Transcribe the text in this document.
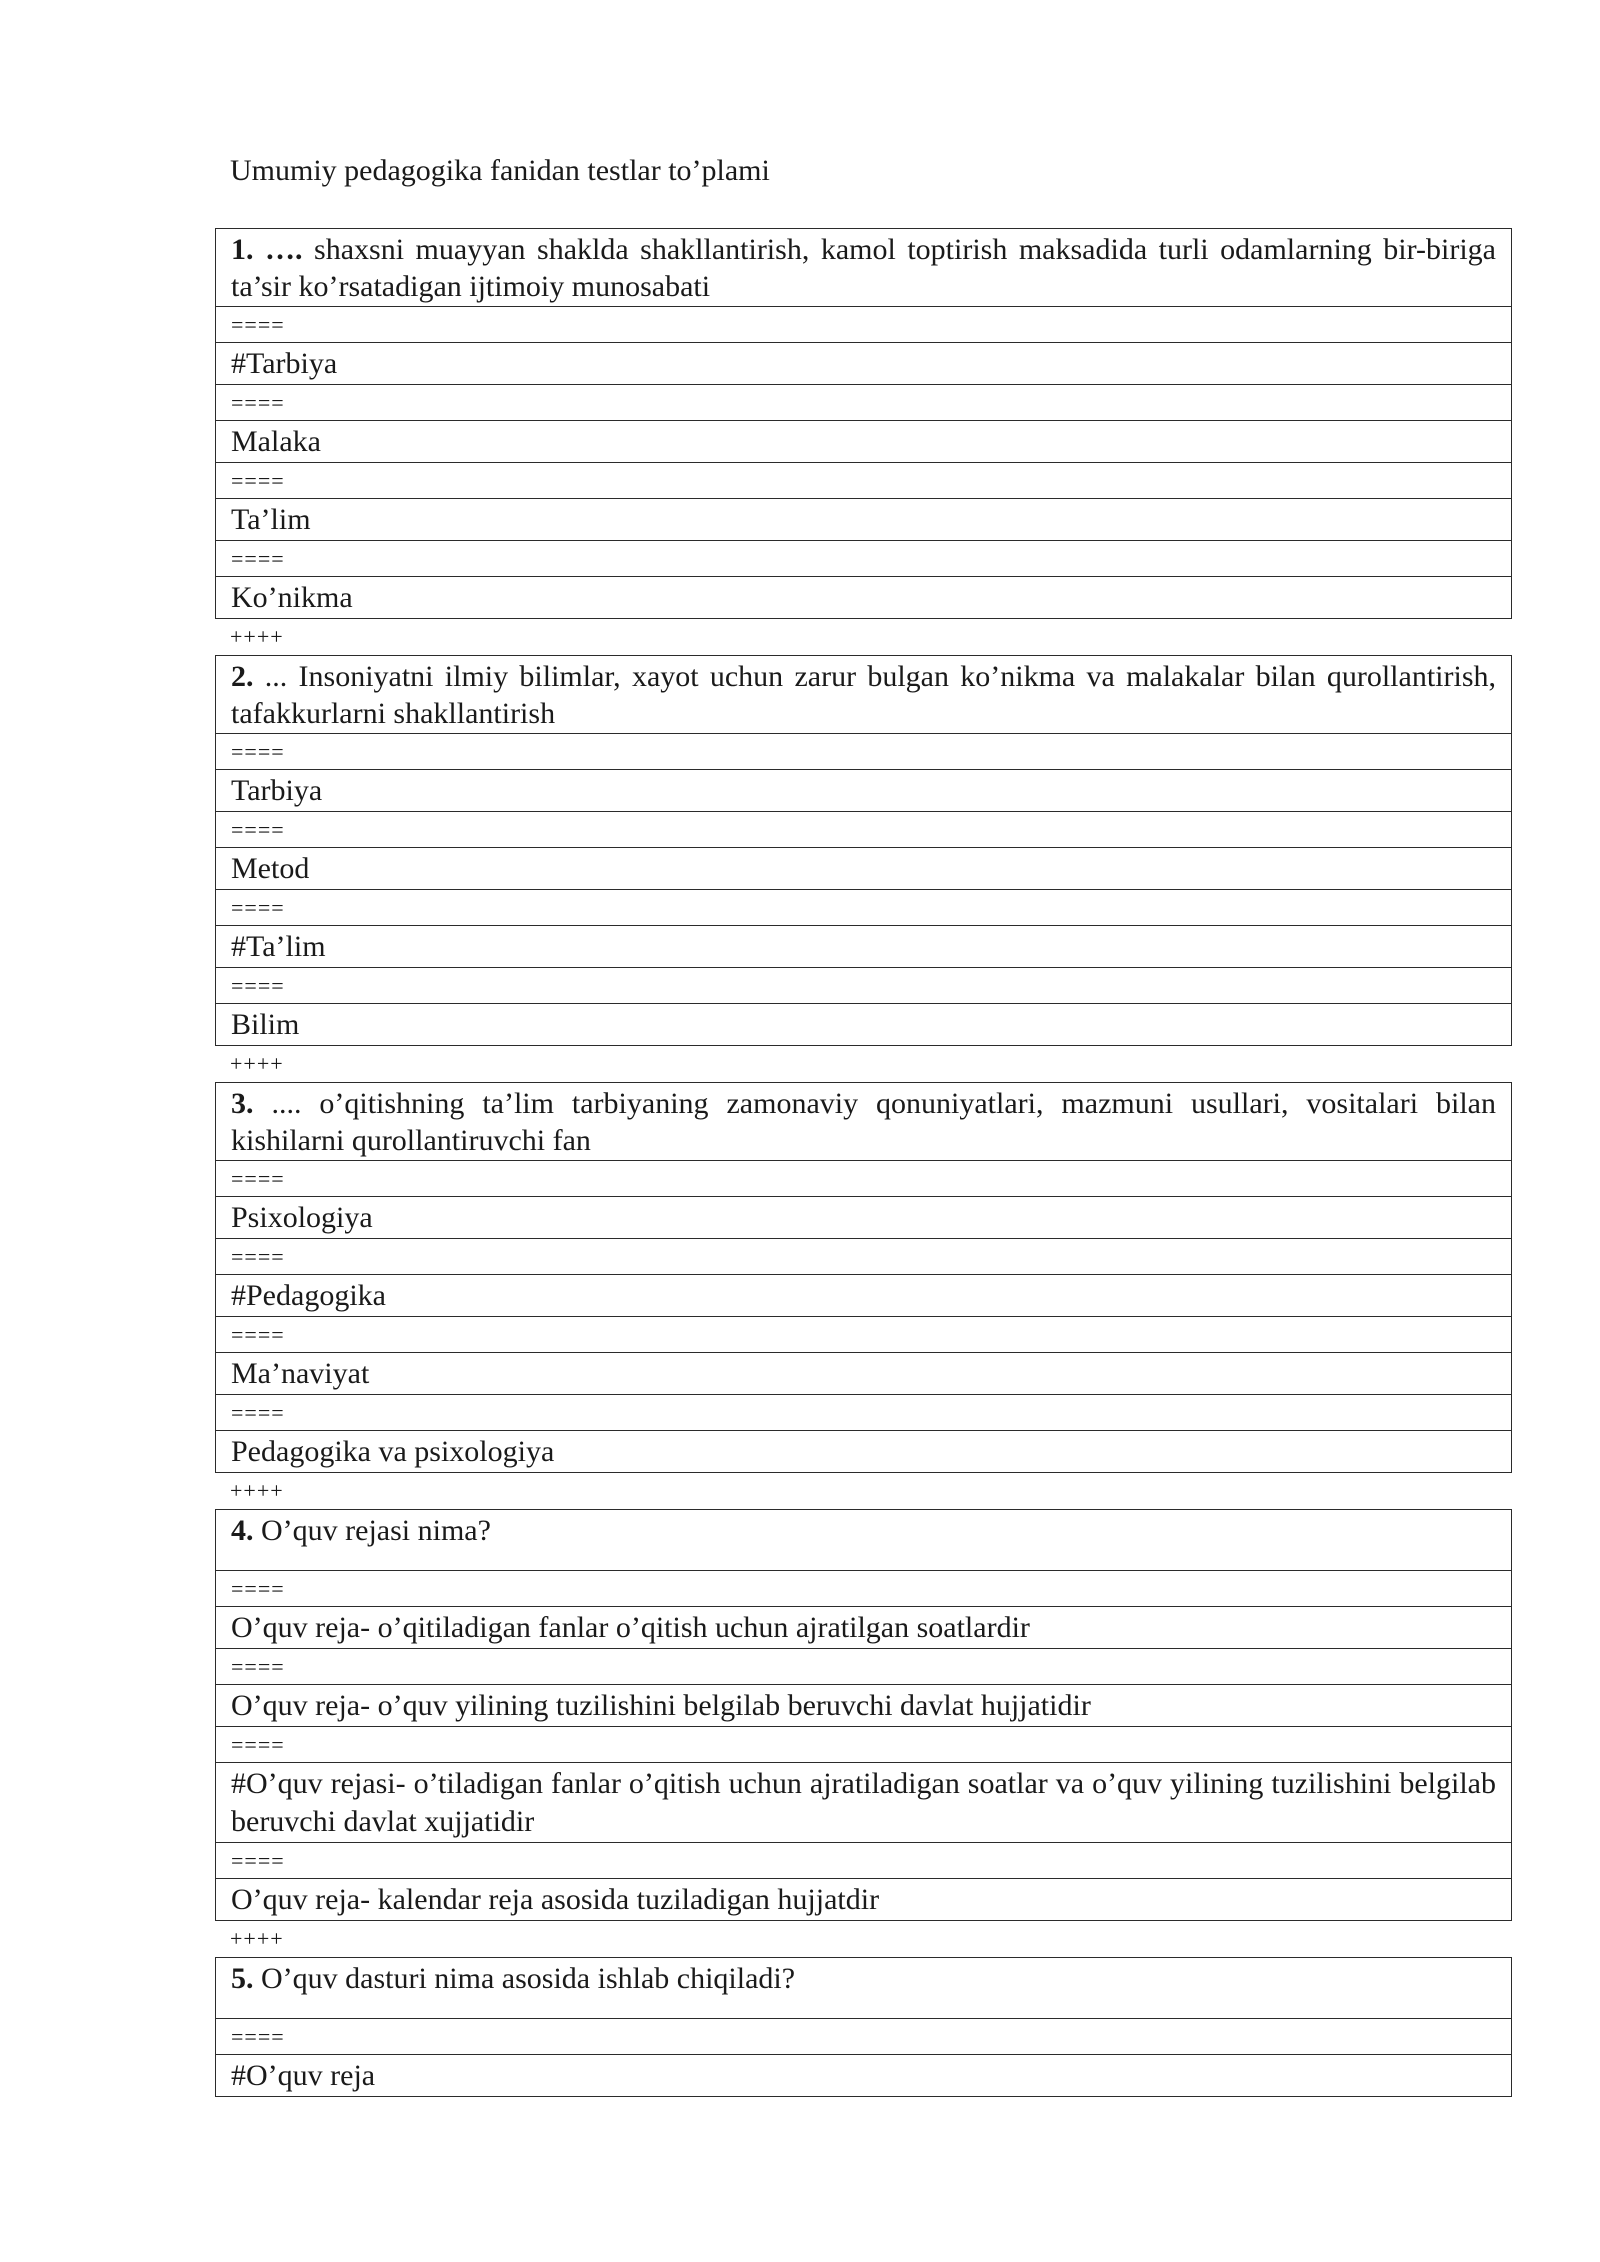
Umumiy pedagogika fanidan testlar to’plami
1. …. shaxsni muayyan shaklda shakllantirish, kamol toptirish maksadida turli odamlarning bir-biriga ta’sir ko’rsatadigan ijtimoiy munosabati
====
#Tarbiya
====
Malaka
====
Ta’lim
====
Ko’nikma
++++
2. ... Insoniyatni ilmiy bilimlar, xayot uchun zarur bulgan ko’nikma va malakalar bilan qurollantirish, tafakkurlarni shakllantirish
====
Tarbiya
====
Metod
====
#Ta’lim
====
Bilim
++++
3. .... o’qitishning ta’lim tarbiyaning zamonaviy qonuniyatlari, mazmuni usullari, vositalari bilan kishilarni qurollantiruvchi fan
====
Psixologiya
====
#Pedagogika
====
Ma’naviyat
====
Pedagogika va psixologiya
++++
4. O’quv rejasi nima?
====
O’quv reja- o’qitiladigan fanlar o’qitish uchun ajratilgan soatlardir
====
O’quv reja- o’quv yilining tuzilishini belgilab beruvchi davlat hujjatidir
====
#O’quv rejasi- o’tiladigan fanlar o’qitish uchun ajratiladigan soatlar va o’quv yilining tuzilishini belgilab beruvchi davlat xujjatidir
====
O’quv reja- kalendar reja asosida tuziladigan hujjatdir
++++
5. O’quv dasturi nima asosida ishlab chiqiladi?
====
#O’quv reja
